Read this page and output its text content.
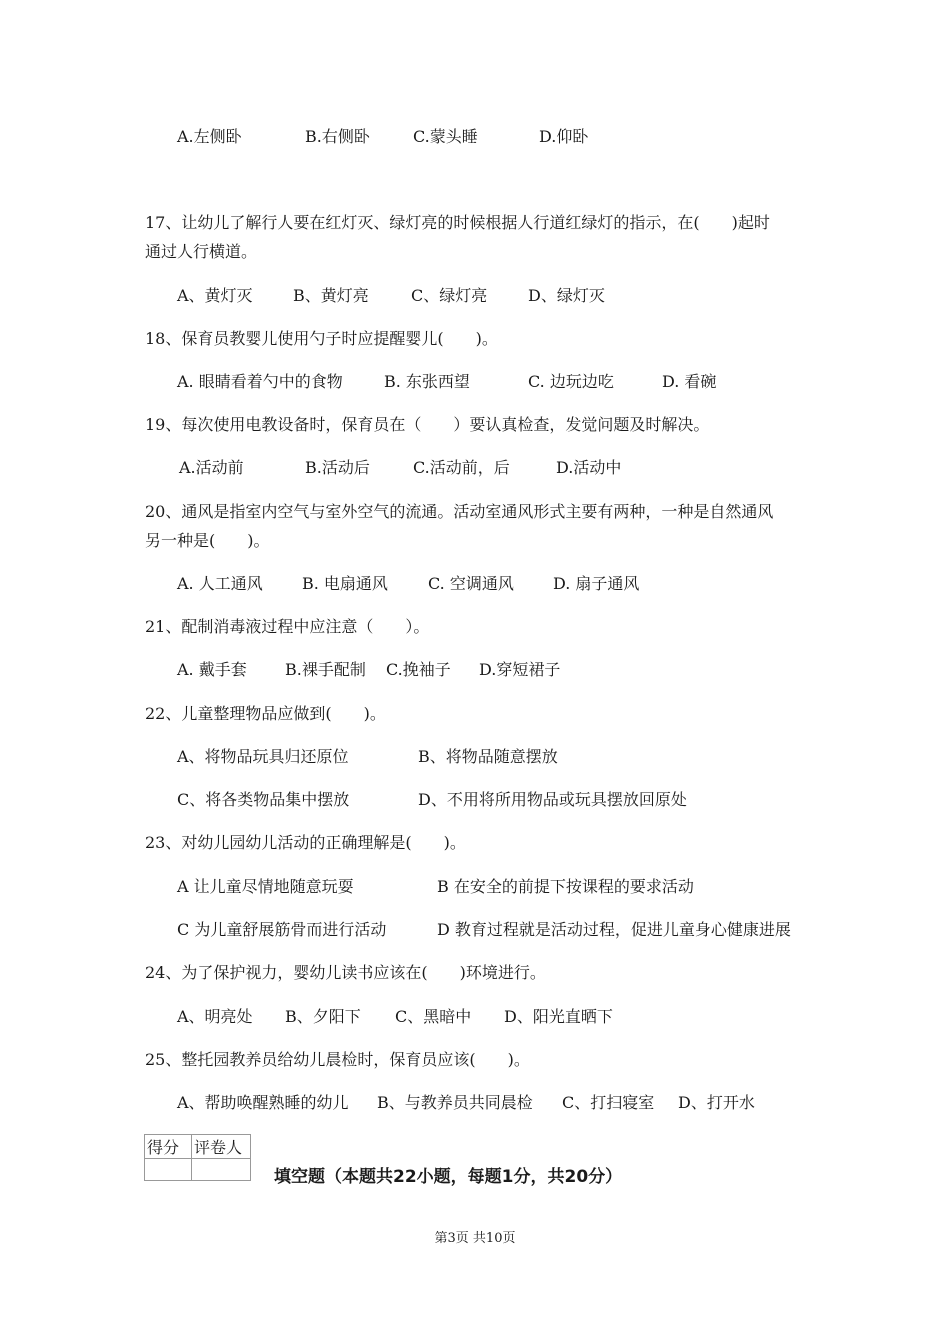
A.左侧卧	B.右侧卧	C.蒙头睡	D.仰卧
17、让幼儿了解行人要在红灯灭、绿灯亮的时候根据人行道红绿灯的指示，在(　　)起时
通过人行横道。
A、黄灯灭	B、黄灯亮	C、绿灯亮	D、绿灯灭
18、保育员教婴儿使用勺子时应提醒婴儿(　　)。
A. 眼睛看着勺中的食物	B. 东张西望	C. 边玩边吃	D. 看碗
19、每次使用电教设备时，保育员在（　　）要认真检查，发觉问题及时解决。
A.活动前	B.活动后	C.活动前，后	D.活动中
20、通风是指室内空气与室外空气的流通。活动室通风形式主要有两种，一种是自然通风
另一种是(　　)。
A. 人工通风 B. 电扇通风	C. 空调通风 D. 扇子通风
21、配制消毒液过程中应注意（　　）。
A. 戴手套 B.裸手配制 C.挽袖子 D.穿短裙子
22、儿童整理物品应做到(　　)。
A、将物品玩具归还原位	B、将物品随意摆放
C、将各类物品集中摆放	D、不用将所用物品或玩具摆放回原处
23、对幼儿园幼儿活动的正确理解是(　　)。
A 让儿童尽情地随意玩耍	B 在安全的前提下按课程的要求活动
C 为儿童舒展筋骨而进行活动	D 教育过程就是活动过程，促进儿童身心健康进展
24、为了保护视力，婴幼儿读书应该在(　　)环境进行。
A、明亮处 B、夕阳下 C、黑暗中 D、阳光直晒下
25、整托园教养员给幼儿晨检时，保育员应该(　　)。
A、帮助唤醒熟睡的幼儿 B、与教养员共同晨检 C、打扫寝室 D、打开水
得分	评卷人

填空题（本题共22小题，每题1分，共20分）
第3页 共10页
